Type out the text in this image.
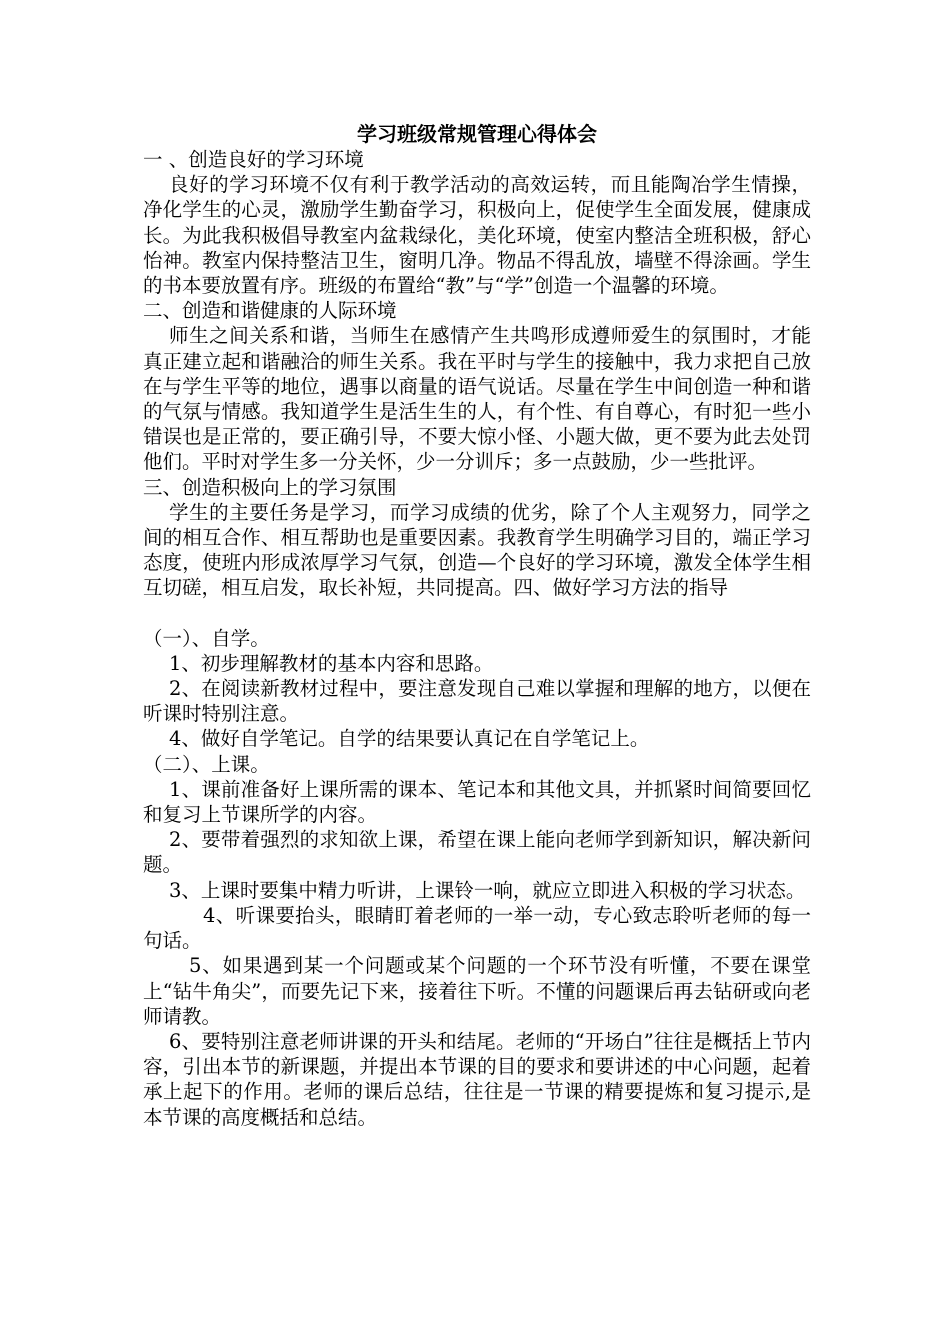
学习班级常规管理心得体会

一 、创造良好的学习环境

良好的学习环境不仅有利于教学活动的高效运转，而且能陶冶学生情操，净化学生的心灵，激励学生勤奋学习，积极向上，促使学生全面发展，健康成长。为此我积极倡导教室内盆栽绿化，美化环境，使室内整洁全班积极，舒心怡神。教室内保持整洁卫生，窗明几净。物品不得乱放，墙壁不得涂画。学生的书本要放置有序。班级的布置给“教”与“学”创造一个温馨的环境。

二、创造和谐健康的人际环境

师生之间关系和谐，当师生在感情产生共鸣形成遵师爱生的氛围时，才能真正建立起和谐融洽的师生关系。我在平时与学生的接触中，我力求把自己放在与学生平等的地位，遇事以商量的语气说话。尽量在学生中间创造一种和谐的气氛与情感。我知道学生是活生生的人，有个性、有自尊心，有时犯一些小错误也是正常的，要正确引导，不要大惊小怪、小题大做，更不要为此去处罚他们。平时对学生多一分关怀，少一分训斥；多一点鼓励，少一些批评。

三、创造积极向上的学习氛围

学生的主要任务是学习，而学习成绩的优劣，除了个人主观努力，同学之间的相互合作、相互帮助也是重要因素。我教育学生明确学习目的，端正学习态度，使班内形成浓厚学习气氛，创造—个良好的学习环境，激发全体学生相互切磋，相互启发，取长补短，共同提高。四、做好学习方法的指导

（一）、自学。

1、初步理解教材的基本内容和思路。

2、在阅读新教材过程中，要注意发现自己难以掌握和理解的地方，以便在听课时特别注意。

4、做好自学笔记。自学的结果要认真记在自学笔记上。

（二）、上课。

1、课前准备好上课所需的课本、笔记本和其他文具，并抓紧时间简要回忆和复习上节课所学的内容。

2、要带着强烈的求知欲上课，希望在课上能向老师学到新知识，解决新问题。

3、上课时要集中精力听讲，上课铃一响，就应立即进入积极的学习状态。

4、听课要抬头，眼睛盯着老师的一举一动，专心致志聆听老师的每一句话。

5、如果遇到某一个问题或某个问题的一个环节没有听懂，不要在课堂上“钻牛角尖”，而要先记下来，接着往下听。不懂的问题课后再去钻研或向老师请教。

6、要特别注意老师讲课的开头和结尾。老师的“开场白”往往是概括上节内容，引出本节的新课题，并提出本节课的目的要求和要讲述的中心问题，起着承上起下的作用。老师的课后总结，往往是一节课的精要提炼和复习提示,是本节课的高度概括和总结。
